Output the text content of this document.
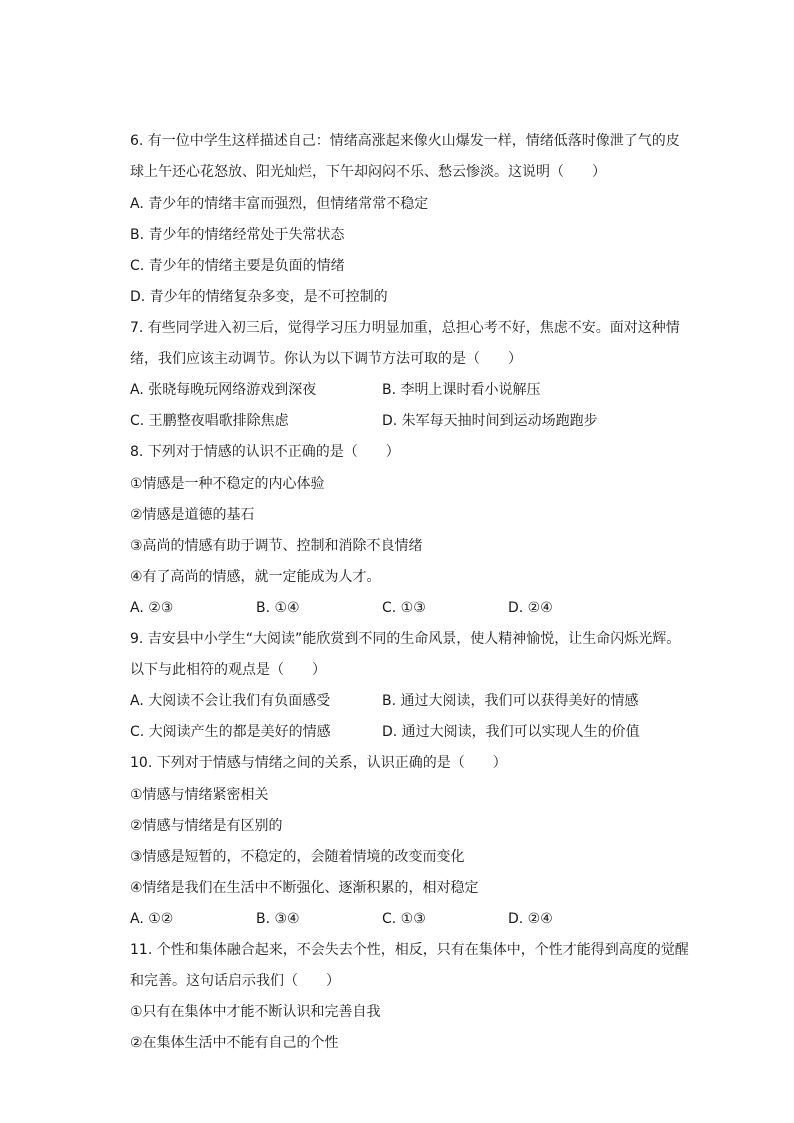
6. 有一位中学生这样描述自己：情绪高涨起来像火山爆发一样，情绪低落时像泄了气的皮
球上午还心花怒放、阳光灿烂，下午却闷闷不乐、愁云惨淡。这说明（　　）
A. 青少年的情绪丰富而强烈，但情绪常常不稳定
B. 青少年的情绪经常处于失常状态
C. 青少年的情绪主要是负面的情绪
D. 青少年的情绪复杂多变，是不可控制的
7. 有些同学进入初三后，觉得学习压力明显加重，总担心考不好，焦虑不安。面对这种情
绪，我们应该主动调节。你认为以下调节方法可取的是（　　）
A. 张晓每晚玩网络游戏到深夜	B. 李明上课时看小说解压
C. 王鹏整夜唱歌排除焦虑	D. 朱军每天抽时间到运动场跑跑步
8. 下列对于情感的认识不正确的是（　　）
①情感是一种不稳定的内心体验
②情感是道德的基石
③高尚的情感有助于调节、控制和消除不良情绪
④有了高尚的情感，就一定能成为人才。
A. ②③	B. ①④	C. ①③	D. ②④
9. 吉安县中小学生“大阅读”能欣赏到不同的生命风景，使人精神愉悦，让生命闪烁光辉。
以下与此相符的观点是（　　）
A. 大阅读不会让我们有负面感受	B. 通过大阅读，我们可以获得美好的情感
C. 大阅读产生的都是美好的情感	D. 通过大阅读，我们可以实现人生的价值
10. 下列对于情感与情绪之间的关系，认识正确的是（　　）
①情感与情绪紧密相关
②情感与情绪是有区别的
③情感是短暂的，不稳定的，会随着情境的改变而变化
④情绪是我们在生活中不断强化、逐渐积累的，相对稳定
A. ①②	B. ③④	C. ①③	D. ②④
11. 个性和集体融合起来，不会失去个性，相反，只有在集体中，个性才能得到高度的觉醒
和完善。这句话启示我们（　　）
①只有在集体中才能不断认识和完善自我
②在集体生活中不能有自己的个性
